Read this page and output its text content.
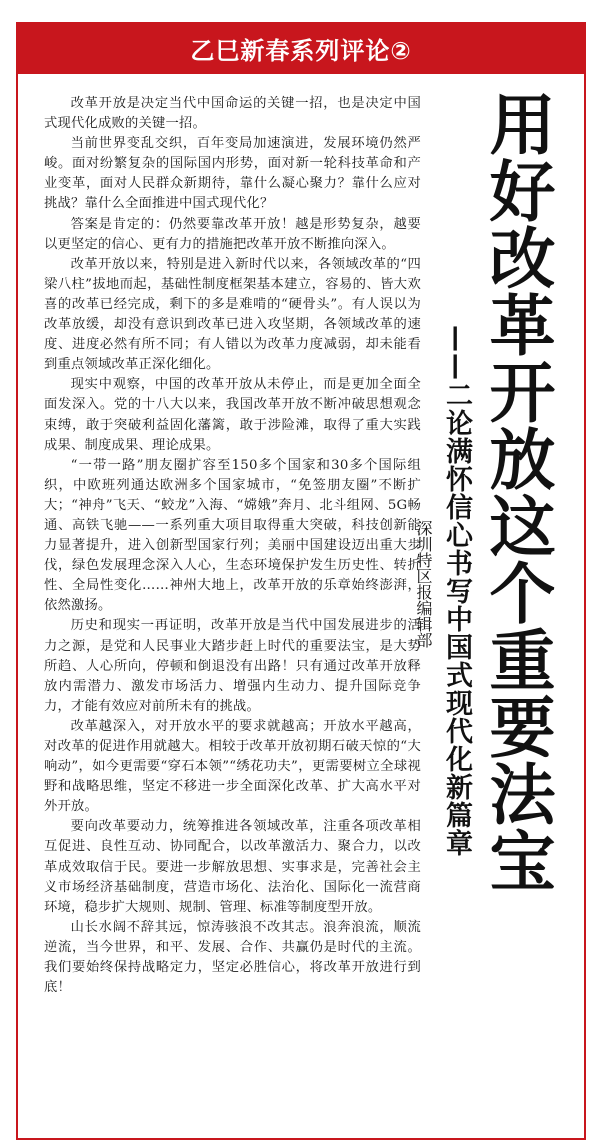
乙巳新春系列评论②

改革开放是决定当代中国命运的关键一招，也是决定中国式现代化成败的关键一招。

当前世界变乱交织，百年变局加速演进，发展环境仍然严峻。面对纷繁复杂的国际国内形势，面对新一轮科技革命和产业变革，面对人民群众新期待，靠什么凝心聚力？靠什么应对挑战？靠什么全面推进中国式现代化？

答案是肯定的：仍然要靠改革开放！越是形势复杂，越要以更坚定的信心、更有力的措施把改革开放不断推向深入。

改革开放以来，特别是进入新时代以来，各领域改革的“四梁八柱”拔地而起，基础性制度框架基本建立，容易的、皆大欢喜的改革已经完成，剩下的多是难啃的“硬骨头”。有人误以为改革放缓，却没有意识到改革已进入攻坚期，各领域改革的速度、进度必然有所不同；有人错以为改革力度减弱，却未能看到重点领域改革正深化细化。

现实中观察，中国的改革开放从未停止，而是更加全面全面发深入。党的十八大以来，我国改革开放不断冲破思想观念束缚，敢于突破利益固化藩篱，敢于涉险滩，取得了重大实践成果、制度成果、理论成果。

“一带一路”朋友圈扩容至150多个国家和30多个国际组织，中欧班列通达欧洲多个国家城市，“免签朋友圈”不断扩大；“神舟”飞天、“蛟龙”入海、“嫦娥”奔月、北斗组网、5G畅通、高铁飞驰——一系列重大项目取得重大突破，科技创新能力显著提升，进入创新型国家行列；美丽中国建设迈出重大步伐，绿色发展理念深入人心，生态环境保护发生历史性、转折性、全局性变化……神州大地上，改革开放的乐章始终澎湃，依然激扬。

历史和现实一再证明，改革开放是当代中国发展进步的活力之源，是党和人民事业大踏步赶上时代的重要法宝，是大势所趋、人心所向，停顿和倒退没有出路！只有通过改革开放释放内需潜力、激发市场活力、增强内生动力、提升国际竞争力，才能有效应对前所未有的挑战。

改革越深入，对开放水平的要求就越高；开放水平越高，对改革的促进作用就越大。相较于改革开放初期石破天惊的“大响动”，如今更需要“穿石本领”“绣花功夫”，更需要树立全球视野和战略思维，坚定不移进一步全面深化改革、扩大高水平对外开放。

要向改革要动力，统筹推进各领域改革，注重各项改革相互促进、良性互动、协同配合，以改革激活力、聚合力，以改革成效取信于民。要进一步解放思想、实事求是，完善社会主义市场经济基础制度，营造市场化、法治化、国际化一流营商环境，稳步扩大规则、规制、管理、标准等制度型开放。

山长水阔不辞其远，惊涛骇浪不改其志。浪奔浪流，顺流逆流，当今世界，和平、发展、合作、共赢仍是时代的主流。我们要始终保持战略定力，坚定必胜信心，将改革开放进行到底！

用好改革开放这个重要法宝
——二论满怀信心书写中国式现代化新篇章
深圳特区报编辑部
